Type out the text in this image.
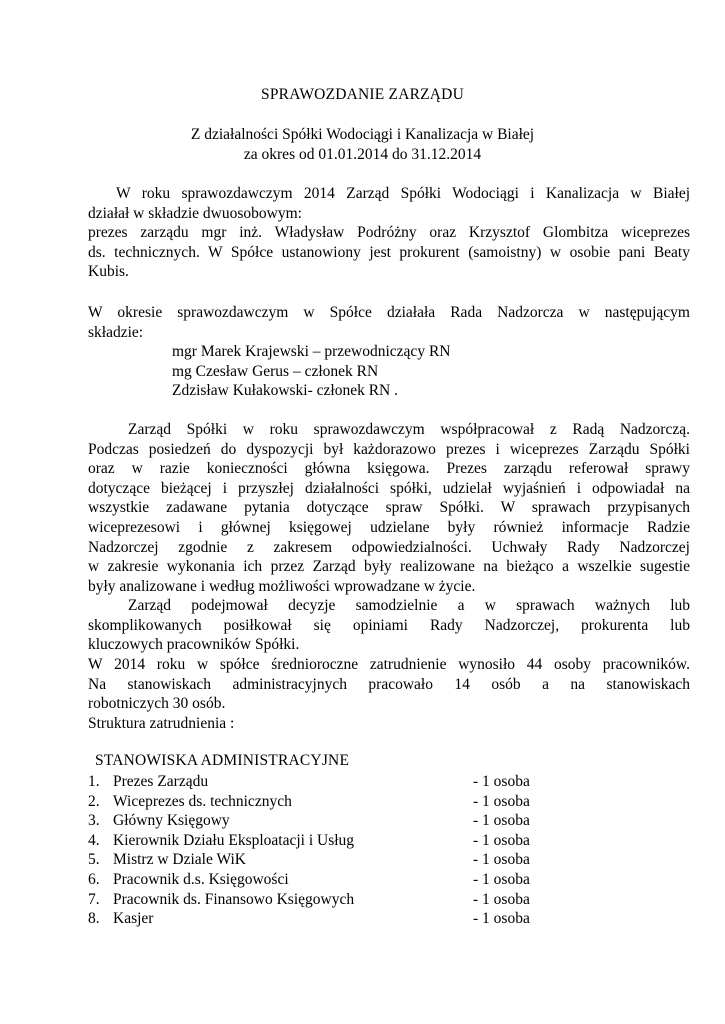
SPRAWOZDANIE ZARZĄDU
Z działalności Spółki Wodociągi i Kanalizacja w Białej
za okres od 01.01.2014 do 31.12.2014
W roku sprawozdawczym 2014 Zarząd Spółki Wodociągi i Kanalizacja w Białej
działał w składzie dwuosobowym:
prezes zarządu mgr inż. Władysław Podróżny oraz Krzysztof Glombitza wiceprezes
ds. technicznych. W Spółce ustanowiony jest prokurent (samoistny) w osobie pani Beaty
Kubis.
W okresie sprawozdawczym w Spółce działała Rada Nadzorcza w następującym
składzie:
mgr Marek Krajewski – przewodniczący RN
mg Czesław Gerus – członek RN
Zdzisław Kułakowski- członek RN .
Zarząd Spółki w roku sprawozdawczym współpracował z Radą Nadzorczą.
Podczas posiedzeń do dyspozycji był każdorazowo prezes i wiceprezes Zarządu Spółki
oraz w razie konieczności główna księgowa. Prezes zarządu referował sprawy
dotyczące bieżącej i przyszłej działalności spółki, udzielał wyjaśnień i odpowiadał na
wszystkie zadawane pytania dotyczące spraw Spółki. W sprawach przypisanych
wiceprezesowi i głównej księgowej udzielane były również informacje Radzie
Nadzorczej zgodnie z zakresem odpowiedzialności. Uchwały Rady Nadzorczej
w zakresie wykonania ich przez Zarząd były realizowane na bieżąco a wszelkie sugestie
były analizowane i według możliwości wprowadzane w życie.
Zarząd podejmował decyzje samodzielnie a w sprawach ważnych lub
skomplikowanych posiłkował się opiniami Rady Nadzorczej, prokurenta lub
kluczowych pracowników Spółki.
W 2014 roku w spółce średnioroczne zatrudnienie wynosiło 44 osoby pracowników.
Na stanowiskach administracyjnych pracowało 14 osób a na stanowiskach
robotniczych 30 osób.
Struktura zatrudnienia :
STANOWISKA ADMINISTRACYJNE
1. Prezes Zarządu	- 1 osoba
2. Wiceprezes ds. technicznych	- 1 osoba
3. Główny Księgowy	- 1 osoba
4. Kierownik Działu Eksploatacji i Usług	- 1 osoba
5. Mistrz w Dziale WiK	- 1 osoba
6. Pracownik d.s. Księgowości	- 1 osoba
7. Pracownik ds. Finansowo Księgowych	- 1 osoba
8. Kasjer	- 1 osoba
